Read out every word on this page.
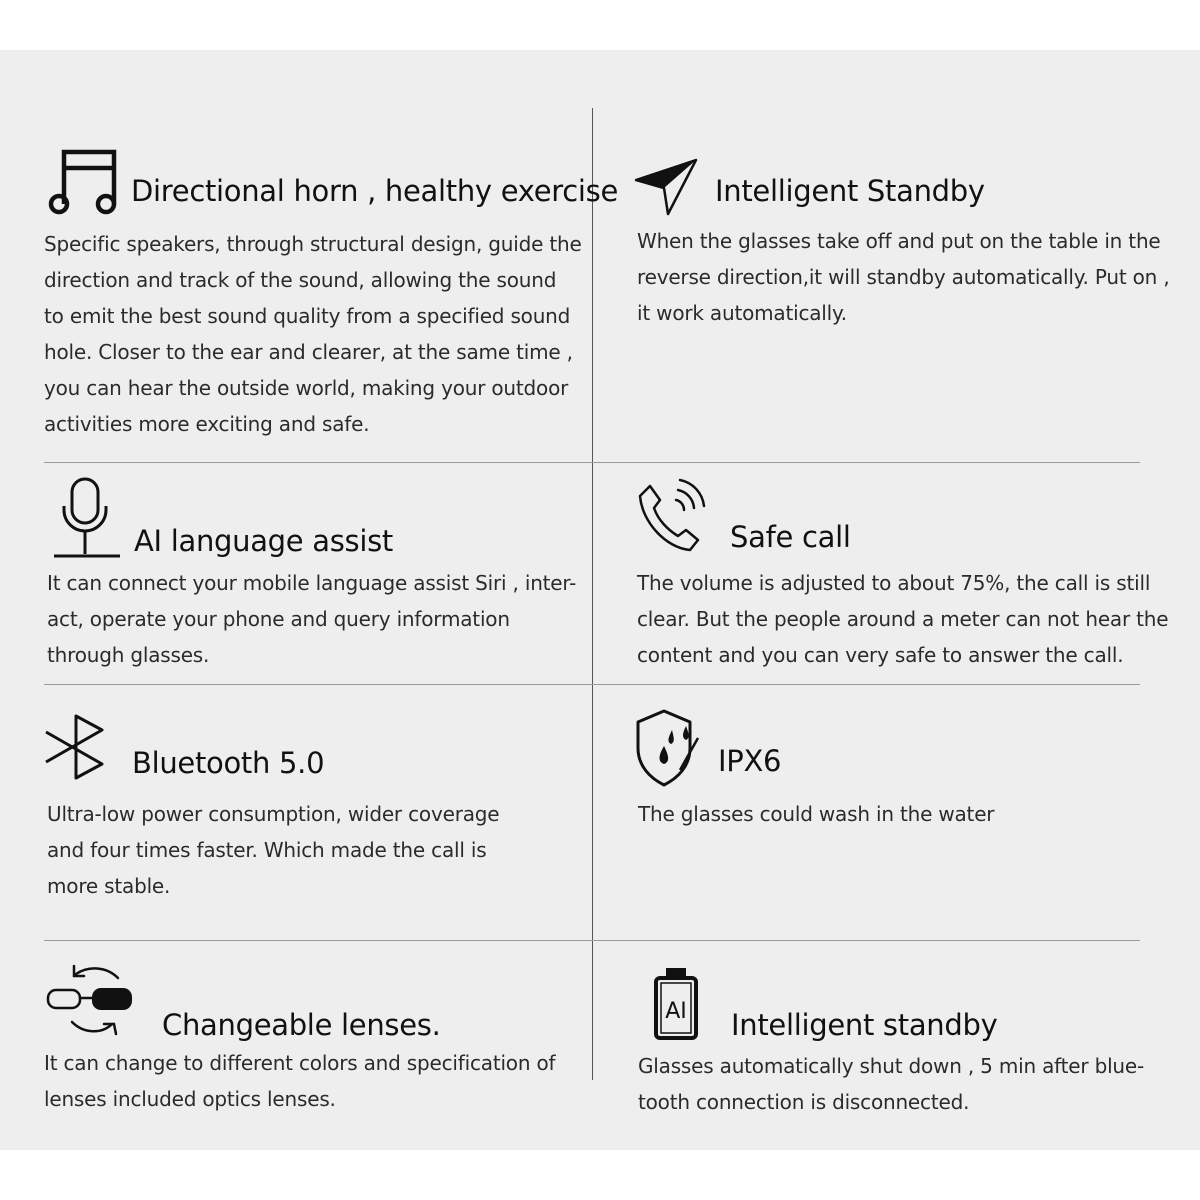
Directional horn , healthy exercise
Specific speakers, through structural design, guide the
direction and track of the sound, allowing the sound
to emit the best sound quality from a specified sound
hole. Closer to the ear and clearer, at the same time ,
you can hear the outside world, making your outdoor
activities more exciting and safe.
Intelligent Standby
When the glasses take off and put on the table in the
reverse direction,it will standby automatically. Put on ,
it work automatically.
AI language assist
It can connect your mobile language assist Siri , inter-
act, operate your phone and query information
through glasses.
Safe call
The volume is adjusted to about 75%, the call is still
clear. But the people around a meter can not hear the
content and you can very safe to answer the call.
Bluetooth 5.0
Ultra-low power consumption, wider coverage
and four times faster. Which made the call is
more stable.
IPX6
The glasses could wash in the water
Changeable lenses.
It can change to different colors and specification of
lenses included optics lenses.
AI Intelligent standby
Glasses automatically shut down , 5 min after blue-
tooth connection is disconnected.
